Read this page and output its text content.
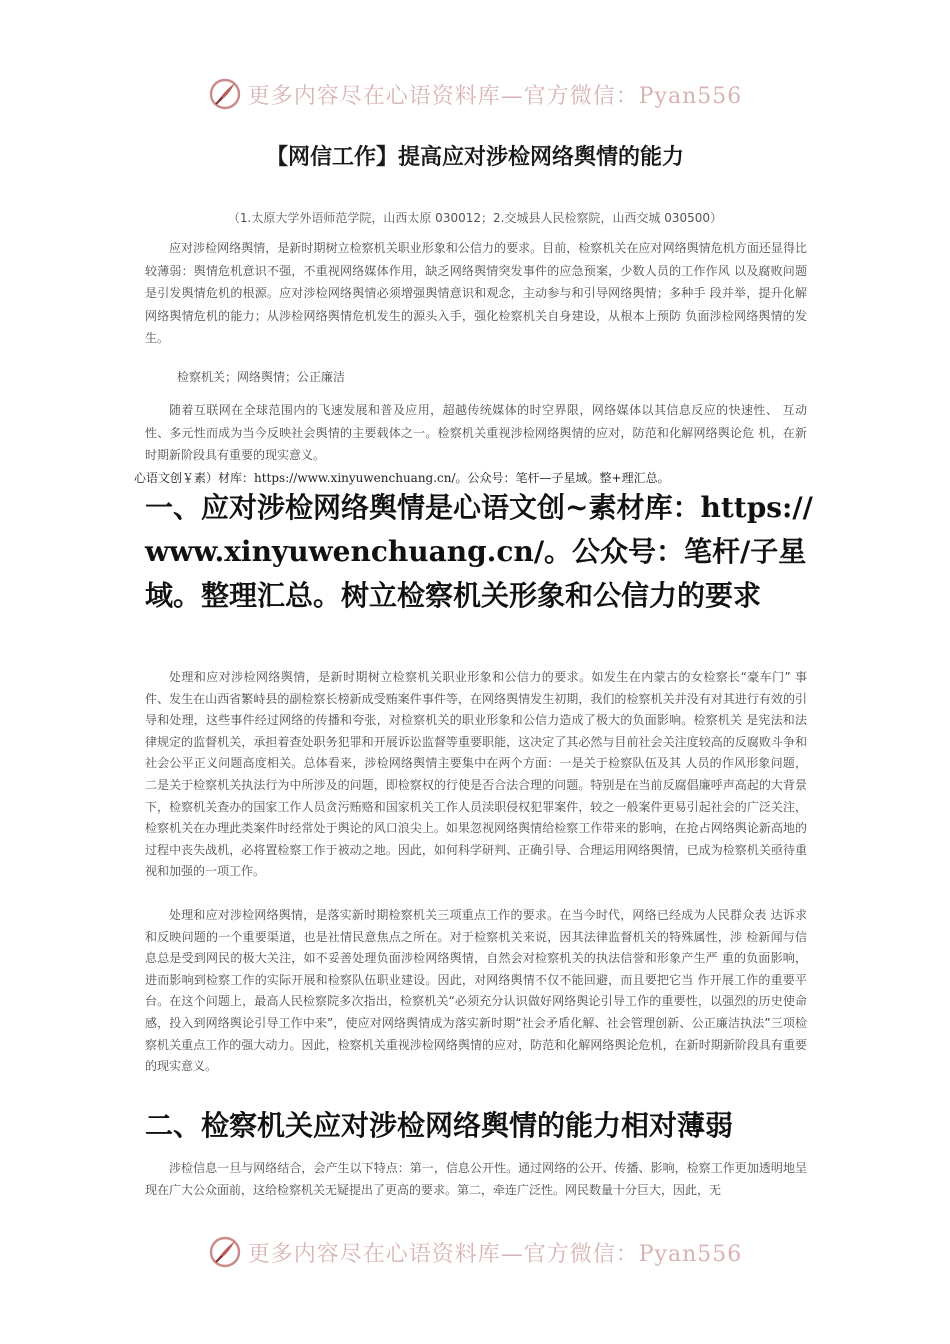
更多内容尽在心语资料库—官方微信：Pyan556
【网信工作】提高应对涉检网络舆情的能力

（1.太原大学外语师范学院，山西太原 030012；2.交城县人民检察院，山西交城 030500）

应对涉检网络舆情，是新时期树立检察机关职业形象和公信力的要求。目前，检察机关在应对网络舆情危机方面还显得比较薄弱：舆情危机意识不强，不重视网络媒体作用，缺乏网络舆情突发事件的应急预案，少数人员的工作作风 以及腐败问题是引发舆情危机的根源。应对涉检网络舆情必须增强舆情意识和观念，主动参与和引导网络舆情；多种手 段并举，提升化解网络舆情危机的能力；从涉检网络舆情危机发生的源头入手，强化检察机关自身建设，从根本上预防 负面涉检网络舆情的发生。

检察机关；网络舆情；公正廉洁

随着互联网在全球范围内的飞速发展和普及应用，超越传统媒体的时空界限，网络媒体以其信息反应的快速性、 互动性、多元性而成为当今反映社会舆情的主要载体之一。检察机关重视涉检网络舆情的应对，防范和化解网络舆论危 机，在新时期新阶段具有重要的现实意义。

心语文创￥素）材库：https://www.xinyuwenchuang.cn/。公众号：笔杆—子星域。整+理汇总。

一、应对涉检网络舆情是心语文创~素材库：https://www.xinyuwenchuang.cn/。公众号：笔杆/子星域。整理汇总。树立检察机关形象和公信力的要求

处理和应对涉检网络舆情，是新时期树立检察机关职业形象和公信力的要求。如发生在内蒙古的女检察长“豪车门” 事件、发生在山西省繁峙县的副检察长榜新成受贿案件事件等，在网络舆情发生初期，我们的检察机关并没有对其进行有效的引导和处理，这些事件经过网络的传播和夸张，对检察机关的职业形象和公信力造成了极大的负面影响。检察机关 是宪法和法律规定的监督机关，承担着查处职务犯罪和开展诉讼监督等重要职能，这决定了其必然与目前社会关注度较高的反腐败斗争和社会公平正义问题高度相关。总体看来，涉检网络舆情主要集中在两个方面：一是关于检察队伍及其 人员的作风形象问题，二是关于检察机关执法行为中所涉及的问题，即检察权的行使是否合法合理的问题。特别是在当前反腐倡廉呼声高起的大背景下，检察机关查办的国家工作人员贪污贿赂和国家机关工作人员渎职侵权犯罪案件，较之一般案件更易引起社会的广泛关注，检察机关在办理此类案件时经常处于舆论的风口浪尖上。如果忽视网络舆情给检察工作带来的影响，在抢占网络舆论新高地的过程中丧失战机，必将置检察工作于被动之地。因此，如何科学研判、正确引导、合理运用网络舆情，已成为检察机关亟待重视和加强的一项工作。

处理和应对涉检网络舆情，是落实新时期检察机关三项重点工作的要求。在当今时代，网络已经成为人民群众表 达诉求和反映问题的一个重要渠道，也是社情民意焦点之所在。对于检察机关来说，因其法律监督机关的特殊属性，涉 检新闻与信息总是受到网民的极大关注，如不妥善处理负面涉检网络舆情，自然会对检察机关的执法信誉和形象产生严 重的负面影响，进而影响到检察工作的实际开展和检察队伍职业建设。因此，对网络舆情不仅不能回避，而且要把它当 作开展工作的重要平台。在这个问题上，最高人民检察院多次指出，检察机关“必须充分认识做好网络舆论引导工作的重要性，以强烈的历史使命感，投入到网络舆论引导工作中来”，使应对网络舆情成为落实新时期“社会矛盾化解、社会管理创新、公正廉洁执法”三项检察机关重点工作的强大动力。因此，检察机关重视涉检网络舆情的应对，防范和化解网络舆论危机，在新时期新阶段具有重要的现实意义。

二、检察机关应对涉检网络舆情的能力相对薄弱

涉检信息一旦与网络结合，会产生以下特点：第一，信息公开性。通过网络的公开、传播、影响，检察工作更加透明地呈现在广大公众面前，这给检察机关无疑提出了更高的要求。第二，牵连广泛性。网民数量十分巨大，因此，无

更多内容尽在心语资料库—官方微信：Pyan556
